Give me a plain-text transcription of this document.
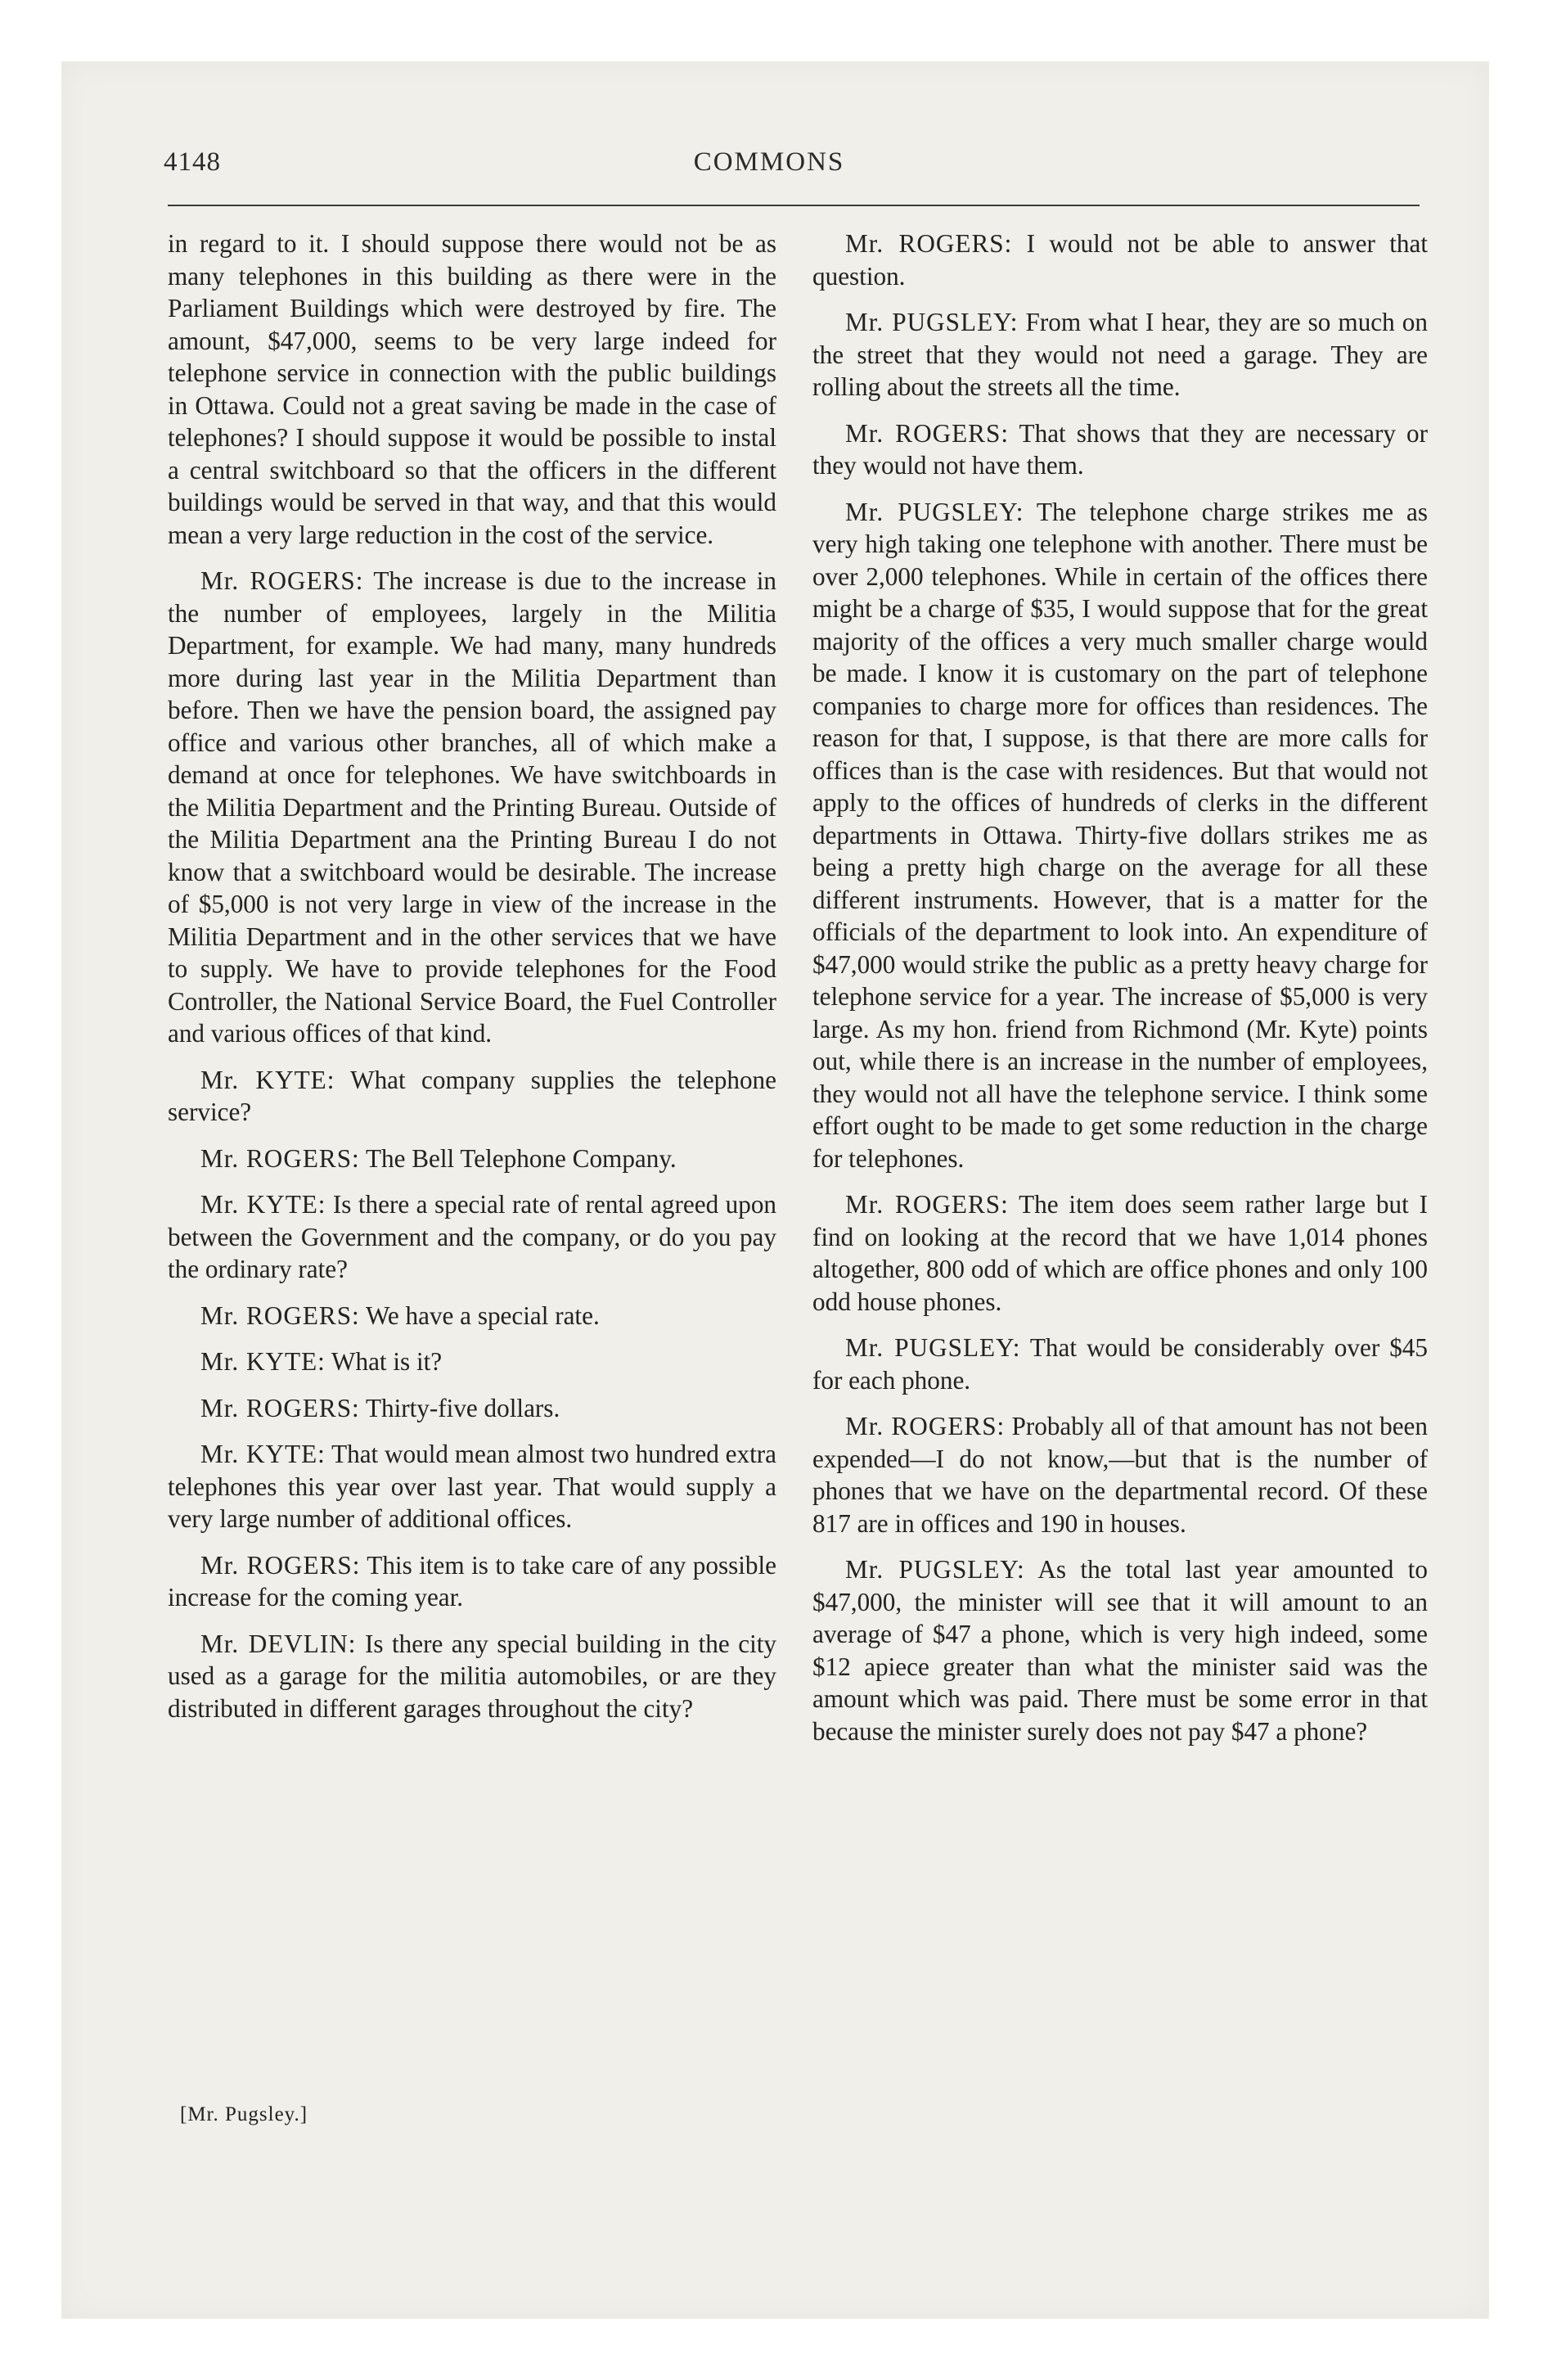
4148	COMMONS

in regard to it. I should suppose there would not be as many telephones in this building as there were in the Parliament Buildings which were destroyed by fire. The amount, $47,000, seems to be very large indeed for telephone service in connection with the public buildings in Ottawa. Could not a great saving be made in the case of telephones? I should suppose it would be possible to instal a central switchboard so that the officers in the different buildings would be served in that way, and that this would mean a very large reduction in the cost of the service.

Mr. ROGERS: The increase is due to the increase in the number of employees, largely in the Militia Department, for example. We had many, many hundreds more during last year in the Militia Department than before. Then we have the pension board, the assigned pay office and various other branches, all of which make a demand at once for telephones. We have switchboards in the Militia Department and the Printing Bureau. Outside of the Militia Department ana the Printing Bureau I do not know that a switchboard would be desirable. The increase of $5,000 is not very large in view of the increase in the Militia Department and in the other services that we have to supply. We have to provide telephones for the Food Controller, the National Service Board, the Fuel Controller and various offices of that kind.

Mr. KYTE: What company supplies the telephone service?

Mr. ROGERS: The Bell Telephone Company.

Mr. KYTE: Is there a special rate of rental agreed upon between the Government and the company, or do you pay the ordinary rate?

Mr. ROGERS: We have a special rate.

Mr. KYTE: What is it?

Mr. ROGERS: Thirty-five dollars.

Mr. KYTE: That would mean almost two hundred extra telephones this year over last year. That would supply a very large number of additional offices.

Mr. ROGERS: This item is to take care of any possible increase for the coming year.

Mr. DEVLIN: Is there any special building in the city used as a garage for the militia automobiles, or are they distributed in different garages throughout the city?

Mr. ROGERS: I would not be able to answer that question.

Mr. PUGSLEY: From what I hear, they are so much on the street that they would not need a garage. They are rolling about the streets all the time.

Mr. ROGERS: That shows that they are necessary or they would not have them.

Mr. PUGSLEY: The telephone charge strikes me as very high taking one telephone with another. There must be over 2,000 telephones. While in certain of the offices there might be a charge of $35, I would suppose that for the great majority of the offices a very much smaller charge would be made. I know it is customary on the part of telephone companies to charge more for offices than residences. The reason for that, I suppose, is that there are more calls for offices than is the case with residences. But that would not apply to the offices of hundreds of clerks in the different departments in Ottawa. Thirty-five dollars strikes me as being a pretty high charge on the average for all these different instruments. However, that is a matter for the officials of the department to look into. An expenditure of $47,000 would strike the public as a pretty heavy charge for telephone service for a year. The increase of $5,000 is very large. As my hon. friend from Richmond (Mr. Kyte) points out, while there is an increase in the number of employees, they would not all have the telephone service. I think some effort ought to be made to get some reduction in the charge for telephones.

Mr. ROGERS: The item does seem rather large but I find on looking at the record that we have 1,014 phones altogether, 800 odd of which are office phones and only 100 odd house phones.

Mr. PUGSLEY: That would be considerably over $45 for each phone.

Mr. ROGERS: Probably all of that amount has not been expended—I do not know,—but that is the number of phones that we have on the departmental record. Of these 817 are in offices and 190 in houses.

Mr. PUGSLEY: As the total last year amounted to $47,000, the minister will see that it will amount to an average of $47 a phone, which is very high indeed, some $12 apiece greater than what the minister said was the amount which was paid. There must be some error in that because the minister surely does not pay $47 a phone?

[Mr. Pugsley.]
